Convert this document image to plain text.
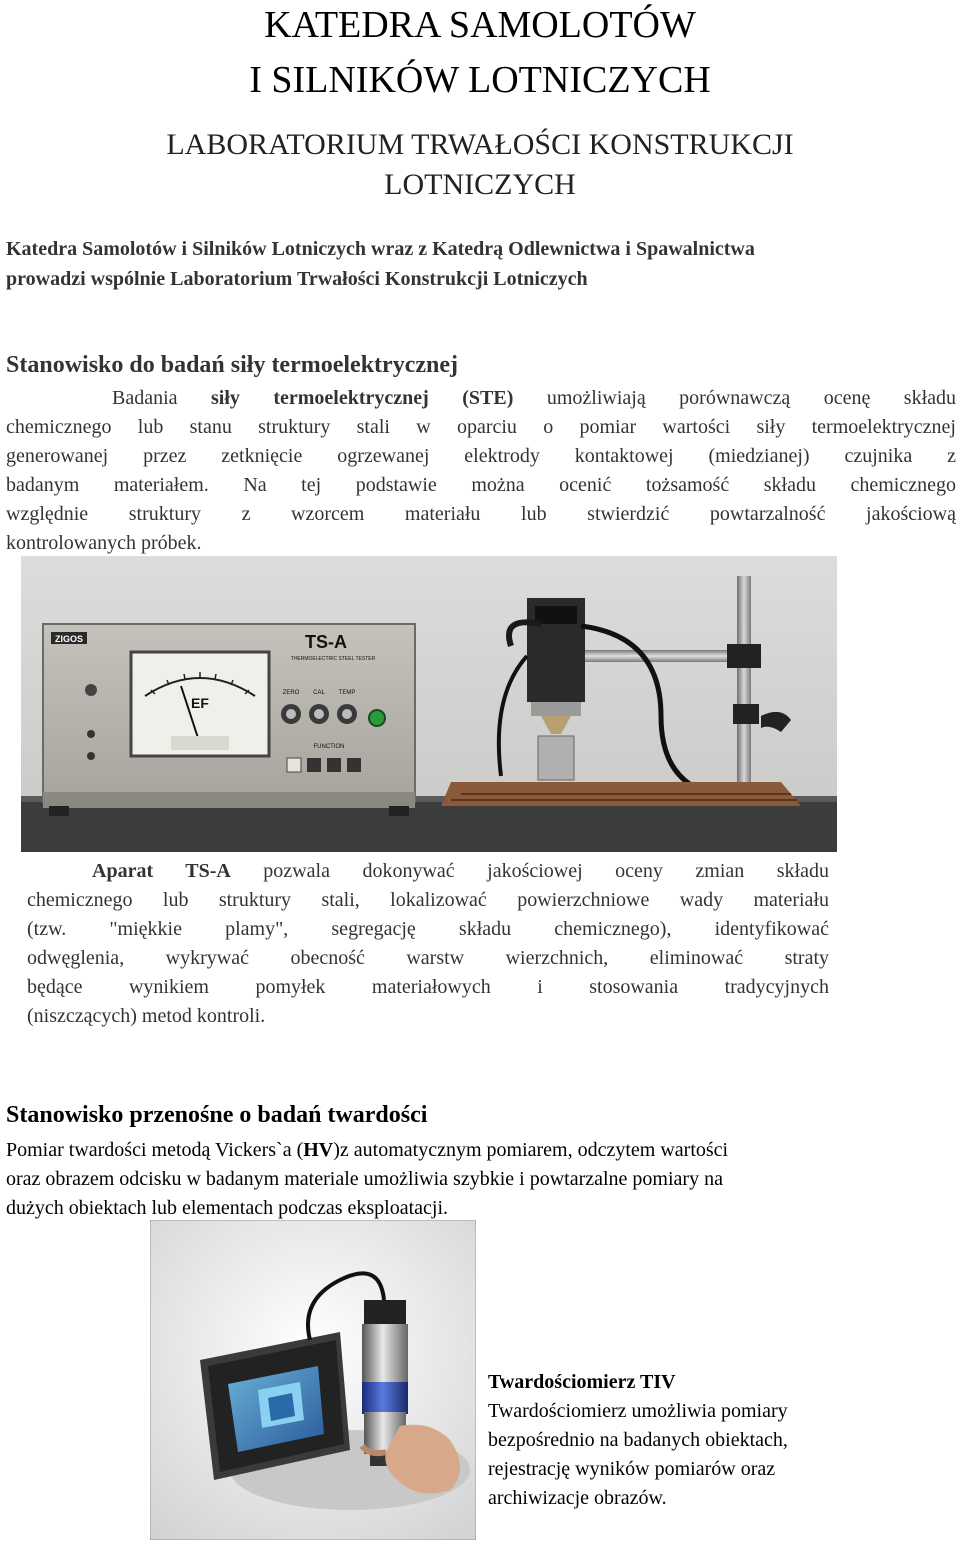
KATEDRA SAMOLOTÓW
I SILNIKÓW LOTNICZYCH
LABORATORIUM TRWAŁOŚCI KONSTRUKCJI
LOTNICZYCH
Katedra Samolotów i Silników Lotniczych wraz z Katedrą Odlewnictwa i Spawalnictwa
prowadzi wspólnie Laboratorium Trwałości Konstrukcji Lotniczych
Stanowisko do badań siły termoelektrycznej
Badania siły termoelektrycznej (STE) umożliwiają porównawczą ocenę składu
chemicznego lub stanu struktury stali w oparciu o pomiar wartości siły termoelektrycznej
generowanej przez zetknięcie ogrzewanej elektrody kontaktowej (miedzianej) czujnika z
badanym materiałem. Na tej podstawie można ocenić tożsamość składu chemicznego
względnie struktury z wzorcem materiału lub stwierdzić powtarzalność jakościową
kontrolowanych próbek.
ZIGOS
EF
TS-A
THERMOELECTRIC STEEL TESTER
ZERO CAL TEMP
FUNCTION
Aparat TS-A pozwala dokonywać jakościowej oceny zmian składu
chemicznego lub struktury stali, lokalizować powierzchniowe wady materiału
(tzw. "miękkie plamy", segregację składu chemicznego), identyfikować
odwęglenia, wykrywać obecność warstw wierzchnich, eliminować straty
będące wynikiem pomyłek materiałowych i stosowania tradycyjnych
(niszczących) metod kontroli.
Stanowisko przenośne o badań twardości
Pomiar twardości metodą Vickers`a (HV)z automatycznym pomiarem, odczytem wartości
oraz obrazem odcisku w badanym materiale umożliwia szybkie i powtarzalne pomiary na
dużych obiektach lub elementach podczas eksploatacji.
Twardościomierz TIV
Twardościomierz umożliwia pomiary
bezpośrednio na badanych obiektach,
rejestrację wyników pomiarów oraz
archiwizacje obrazów.
